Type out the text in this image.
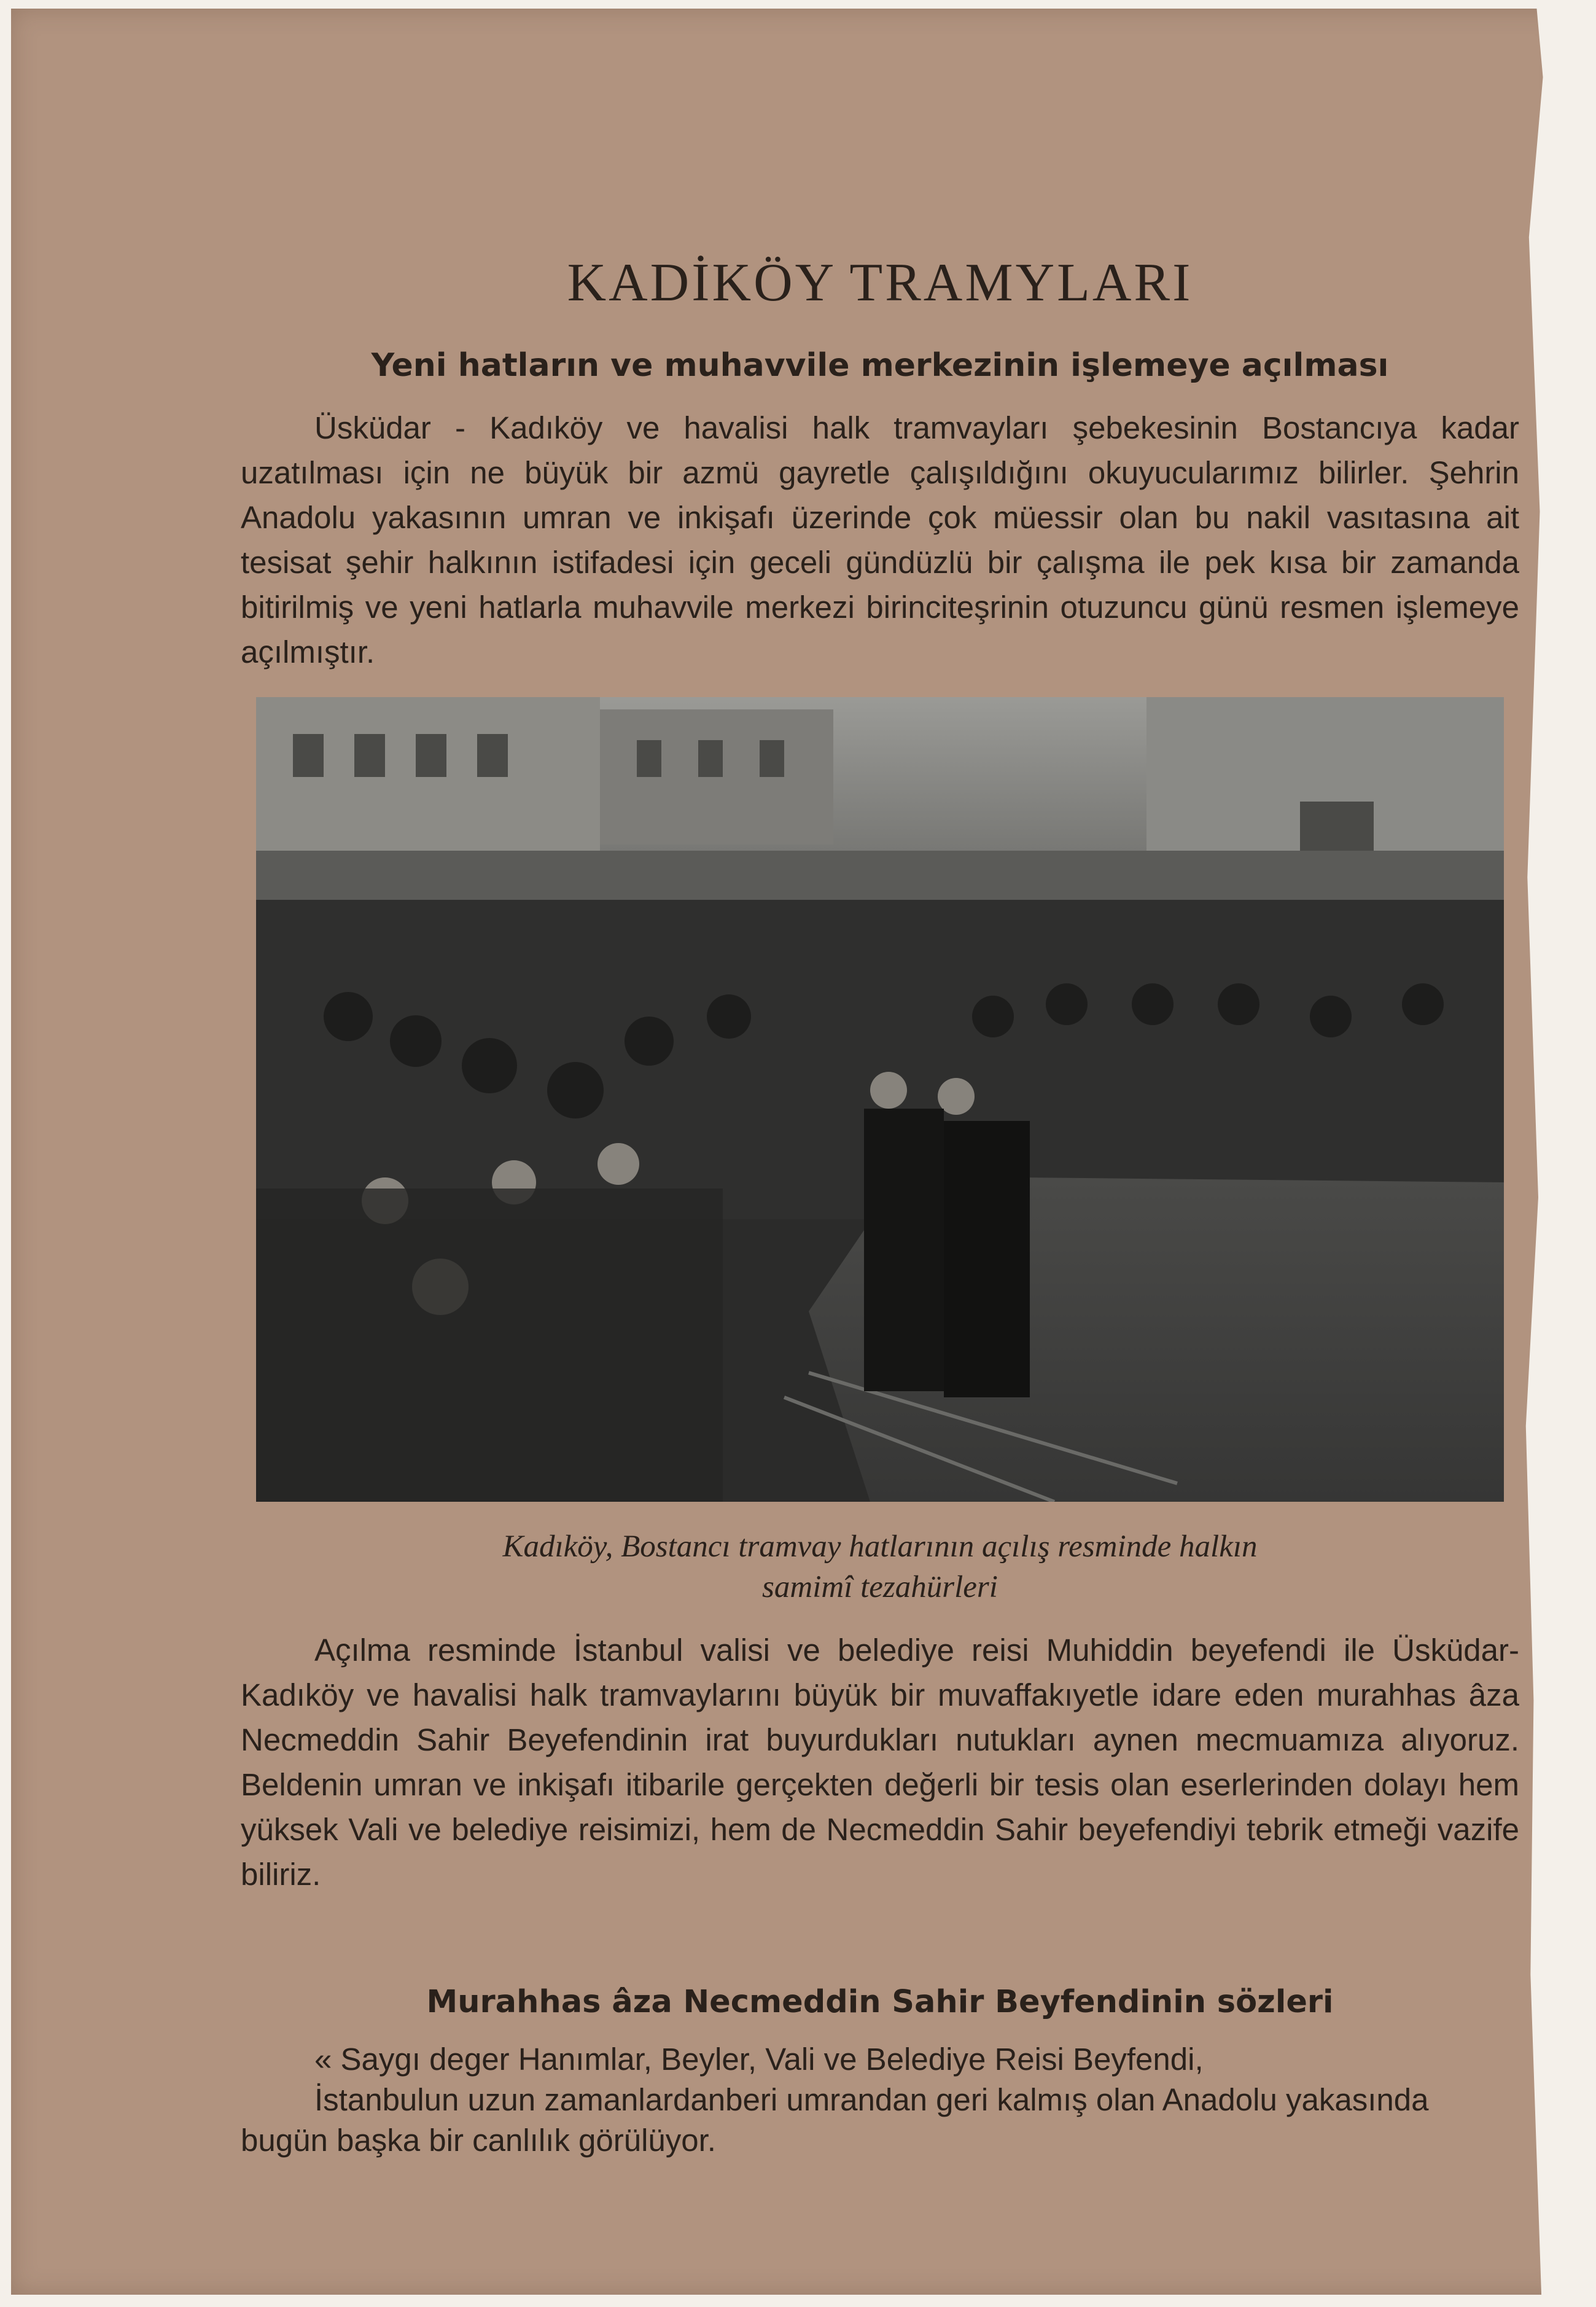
KADİKÖY TRAMYLARI
Yeni hatların ve muhavvile merkezinin işlemeye açılması

Üsküdar - Kadıköy ve havalisi halk tramvayları şebekesinin Bostancıya kadar uzatılması için ne büyük bir azmü gayretle çalışıldığını okuyucularımız bilirler. Şehrin Anadolu yakasının umran ve inkişafı üzerinde çok müessir olan bu nakil vasıtasına ait tesisat şehir halkının istifadesi için geceli gündüzlü bir çalışma ile pek kısa bir zamanda bitirilmiş ve yeni hatlarla muhavvile merkezi birinciteşrinin otuzuncu günü resmen işlemeye açılmıştır.

Kadıköy, Bostancı tramvay hatlarının açılış resminde halkın
samimî tezahürleri

Açılma resminde İstanbul valisi ve belediye reisi Muhiddin beyefendi ile Üsküdar-Kadıköy ve havalisi halk tramvaylarını büyük bir muvaffakıyetle idare eden murahhas âza Necmeddin Sahir Beyefendinin irat buyurdukları nutukları aynen mecmuamıza alıyoruz. Beldenin umran ve inkişafı itibarile gerçekten değerli bir tesis olan eserlerinden dolayı hem yüksek Vali ve belediye reisimizi, hem de Necmeddin Sahir beyefendiyi tebrik etmeği vazife biliriz.

Murahhas âza Necmeddin Sahir Beyfendinin sözleri

« Saygı deger Hanımlar, Beyler, Vali ve Belediye Reisi Beyfendi,
İstanbulun uzun zamanlardanberi umrandan geri kalmış olan Anadolu yakasında bugün başka bir canlılık görülüyor.
